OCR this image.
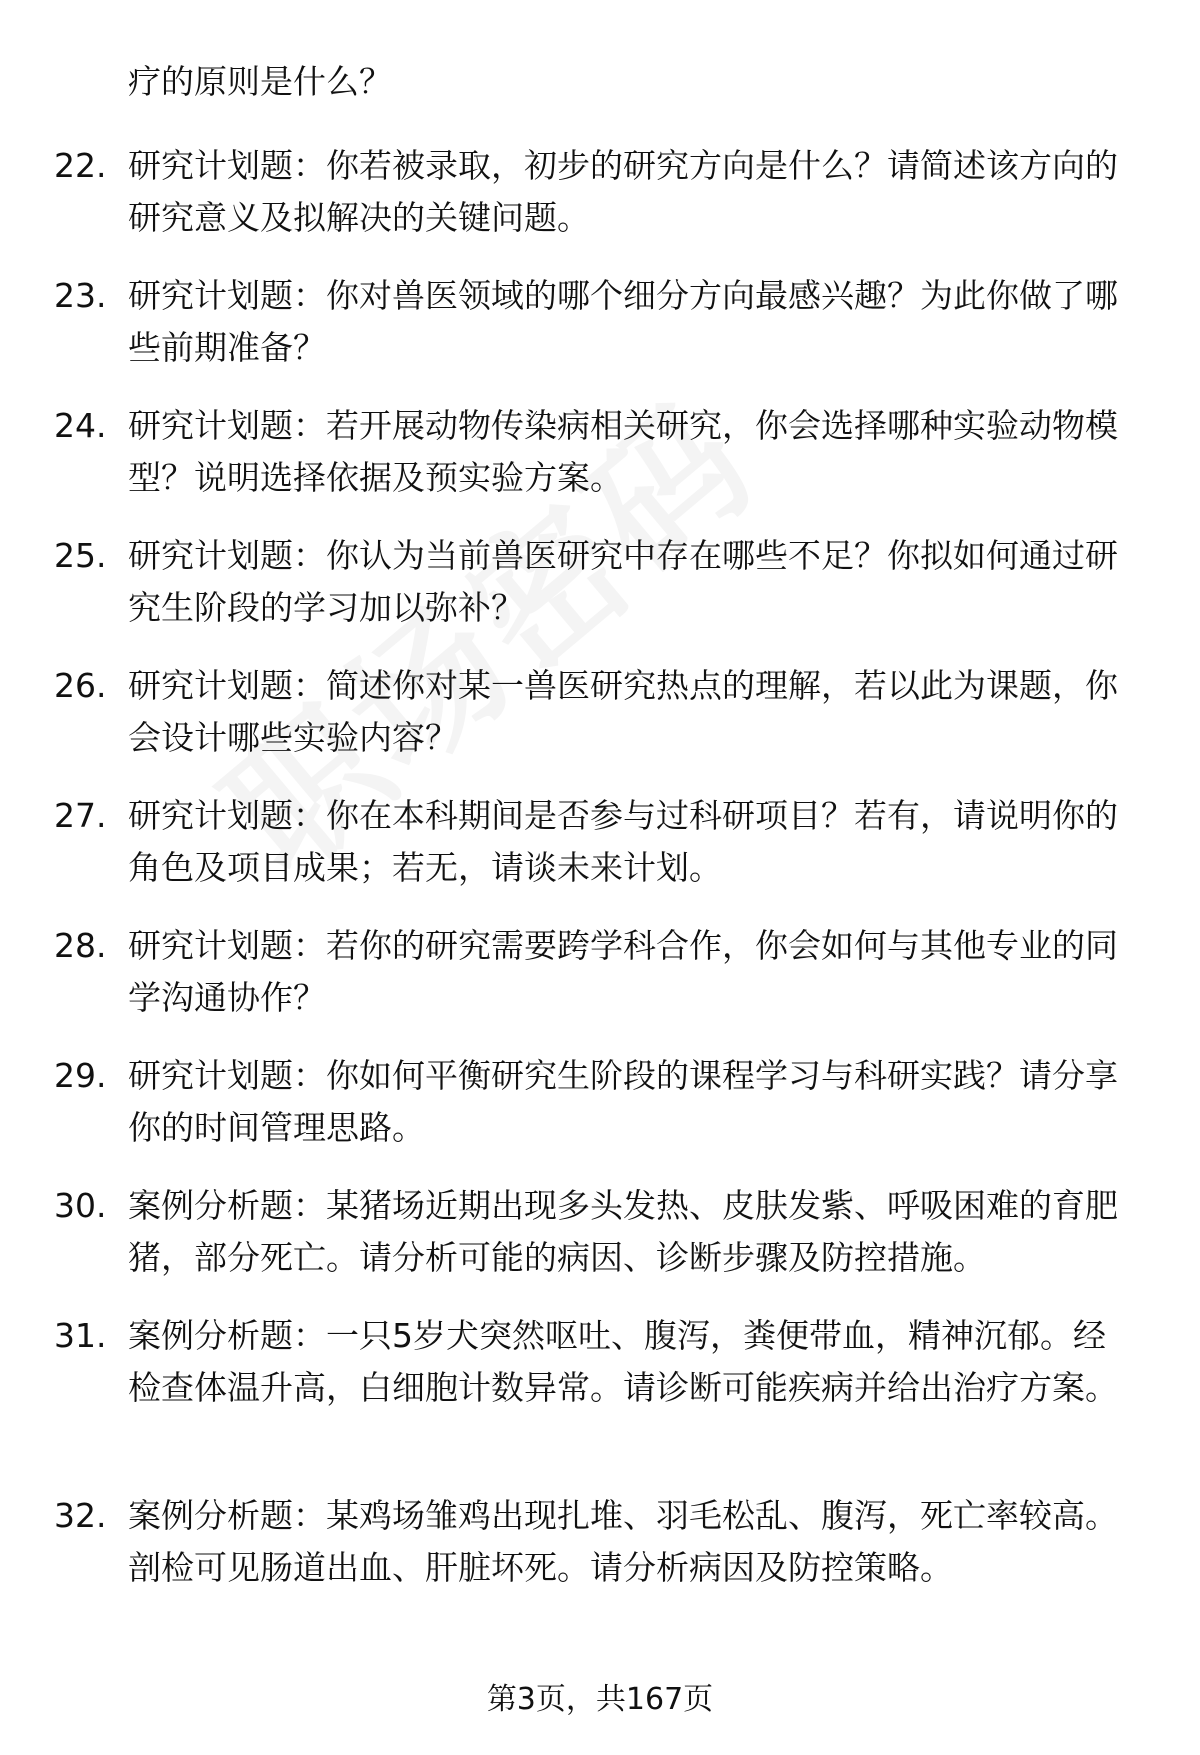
疗的原则是什么？
22. 研究计划题：你若被录取，初步的研究方向是什么？请简述该方向的研究意义及拟解决的关键问题。
23. 研究计划题：你对兽医领域的哪个细分方向最感兴趣？为此你做了哪些前期准备？
24. 研究计划题：若开展动物传染病相关研究，你会选择哪种实验动物模型？说明选择依据及预实验方案。
25. 研究计划题：你认为当前兽医研究中存在哪些不足？你拟如何通过研究生阶段的学习加以弥补？
26. 研究计划题：简述你对某一兽医研究热点的理解，若以此为课题，你会设计哪些实验内容？
27. 研究计划题：你在本科期间是否参与过科研项目？若有，请说明你的角色及项目成果；若无，请谈未来计划。
28. 研究计划题：若你的研究需要跨学科合作，你会如何与其他专业的同学沟通协作？
29. 研究计划题：你如何平衡研究生阶段的课程学习与科研实践？请分享你的时间管理思路。
30. 案例分析题：某猪场近期出现多头发热、皮肤发紫、呼吸困难的育肥猪，部分死亡。请分析可能的病因、诊断步骤及防控措施。
31. 案例分析题：一只5岁犬突然呕吐、腹泻，粪便带血，精神沉郁。经检查体温升高，白细胞计数异常。请诊断可能疾病并给出治疗方案。
32. 案例分析题：某鸡场雏鸡出现扎堆、羽毛松乱、腹泻，死亡率较高。剖检可见肠道出血、肝脏坏死。请分析病因及防控策略。
第3页，共167页
